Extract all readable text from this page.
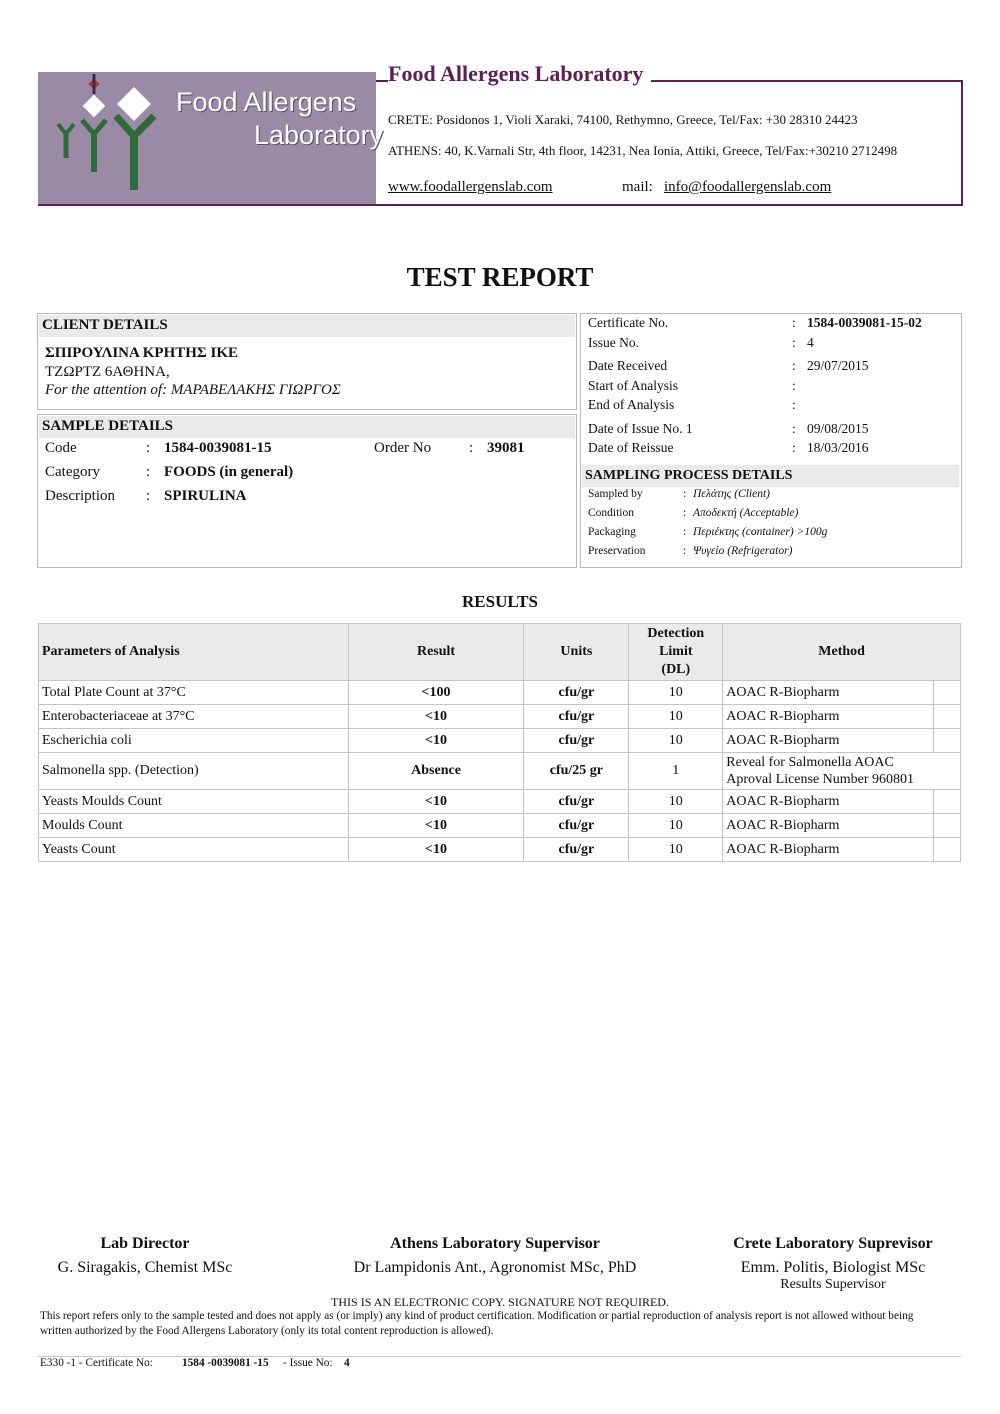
Food Allergens
Laboratory
Food Allergens Laboratory
CRETE: Posidonos 1, Violi Xaraki, 74100, Rethymno, Greece, Tel/Fax: +30 28310 24423
ATHENS: 40, K.Varnali Str, 4th floor, 14231, Nea Ionia, Attiki, Greece, Tel/Fax:+30210 2712498
www.foodallergenslab.com	mail: info@foodallergenslab.com
TEST REPORT
CLIENT DETAILS
ΣΠΙΡΟΥΛΙΝΑ ΚΡΗΤΗΣ ΙΚΕ
ΤΖΩΡΤΖ 6ΑΘΗΝΑ,
For the attention of: ΜΑΡΑΒΕΛΑΚΗΣ ΓΙΩΡΓΟΣ
SAMPLE DETAILS
Code	: 1584-0039081-15	Order No	: 39081
Category	: FOODS (in general)
Description : SPIRULINA
Certificate No.	: 1584-0039081-15-02
Issue No.	: 4
Date Received	: 29/07/2015
Start of Analysis	:
End of Analysis	:
Date of Issue No. 1	: 09/08/2015
Date of Reissue	: 18/03/2016
SAMPLING PROCESS DETAILS
Sampled by	: Πελάτης (Client)
Condition	: Αποδεκτή (Acceptable)
Packaging	: Περιέκτης (container) >100g
Preservation	: Ψυγείο (Refrigerator)
RESULTS
Parameters of Analysis	Result	Units	Detection
Limit
(DL)	Method	
Total Plate Count at 37°C	<100	cfu/gr	10	AOAC R-Biopharm	
Enterobacteriaceae at 37°C	<10	cfu/gr	10	AOAC R-Biopharm	
Escherichia coli	<10	cfu/gr	10	AOAC R-Biopharm	
Salmonella spp. (Detection)	Absence	cfu/25 gr	1	Reveal for Salmonella AOAC
Aproval License Number 960801	

Yeasts Moulds Count	<10	cfu/gr	10	AOAC R-Biopharm	
Moulds Count	<10	cfu/gr	10	AOAC R-Biopharm	
Yeasts Count	<10	cfu/gr	10	AOAC R-Biopharm	
Lab Director
G. Siragakis, Chemist MSc
Athens Laboratory Supervisor
Dr Lampidonis Ant., Agronomist MSc, PhD
Crete Laboratory Suprevisor
Emm. Politis, Biologist MSc
Results Supervisor
THIS IS AN ELECTRONIC COPY. SIGNATURE NOT REQUIRED.
This report refers only to the sample tested and does not apply as (or imply) any kind of product certification. Modification or partial reproduction of analysis report is not allowed without being
written authorized by the Food Allergens Laboratory (only its total content reproduction is allowed).
E330 -1 - Certificate No:	1584 -0039081 -15 - Issue No: 4
